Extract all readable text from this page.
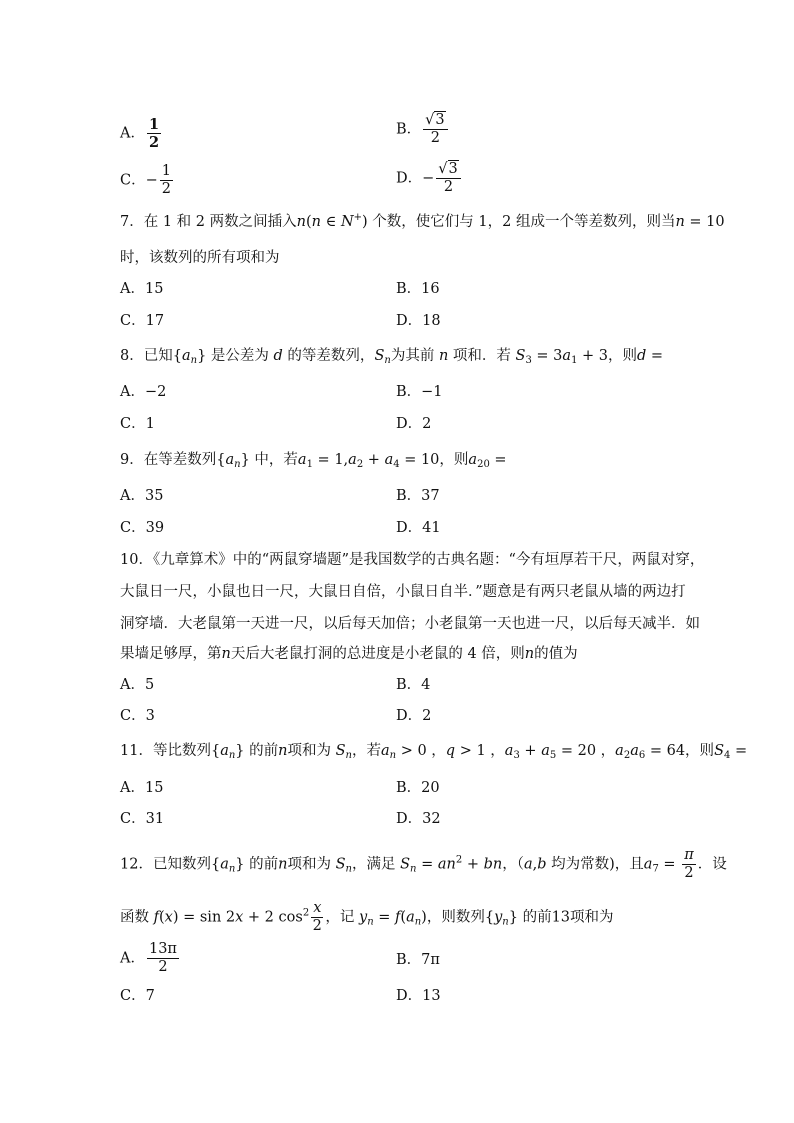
A． $\frac{1}{2}$	B． $\frac{√3}{2}$
C．− $\frac{1}{2}$	D．− $\frac{√3}{2}$
7．在 1 和 2 两数之间插入n(n ∈ N+) 个数，使它们与 1，2 组成一个等差数列，则当n = 10
时，该数列的所有项和为
A．15	B．16
C．17	D．18
8．已知$\{a_n\}$ 是公差为 d 的等差数列，$S_n$为其前 n 项和．若 $S_3 = 3a_1 + 3$，则d =
A．−2	B．−1
C．1	D．2
9．在等差数列$\{a_n\}$ 中，若$a_1 = 1,a_2 + a_4 = 10$，则$a_{20}$ =
A．35	B．37
C．39	D．41
10．《九章算术》中的“两鼠穿墙题”是我国数学的古典名题：“今有垣厚若干尺，两鼠对穿，
大鼠日一尺，小鼠也日一尺，大鼠日自倍，小鼠日自半．”题意是有两只老鼠从墙的两边打
洞穿墙．大老鼠第一天进一尺，以后每天加倍；小老鼠第一天也进一尺，以后每天减半．如
果墙足够厚，第n天后大老鼠打洞的总进度是小老鼠的 4 倍，则n的值为
A．5	B．4
C．3	D．2
11．等比数列$\{a_n\}$ 的前n项和为 $S_n$，若$a_n > 0$ ，q > 1 ，$a_3 + a_5 = 20$ ，$a_2a_6 = 64$，则$S_4$ =
A．15	B．20
C．31	D．32
12．已知数列$\{a_n\}$ 的前n项和为 $S_n$，满足 $S_n = an^2$ + bn，（a,b 均为常数)，且$a_7 = \frac{\pi}{2}$ ．设
函数 f(x) = sin 2x + 2 $\cos^2 \frac{x}{2}$ ，记 $y_n = f(a_n)$，则数列$\{y_n\}$ 的前13项和为
A． $\frac{13\pi}{2}$	B．7π
C．7	D．13
